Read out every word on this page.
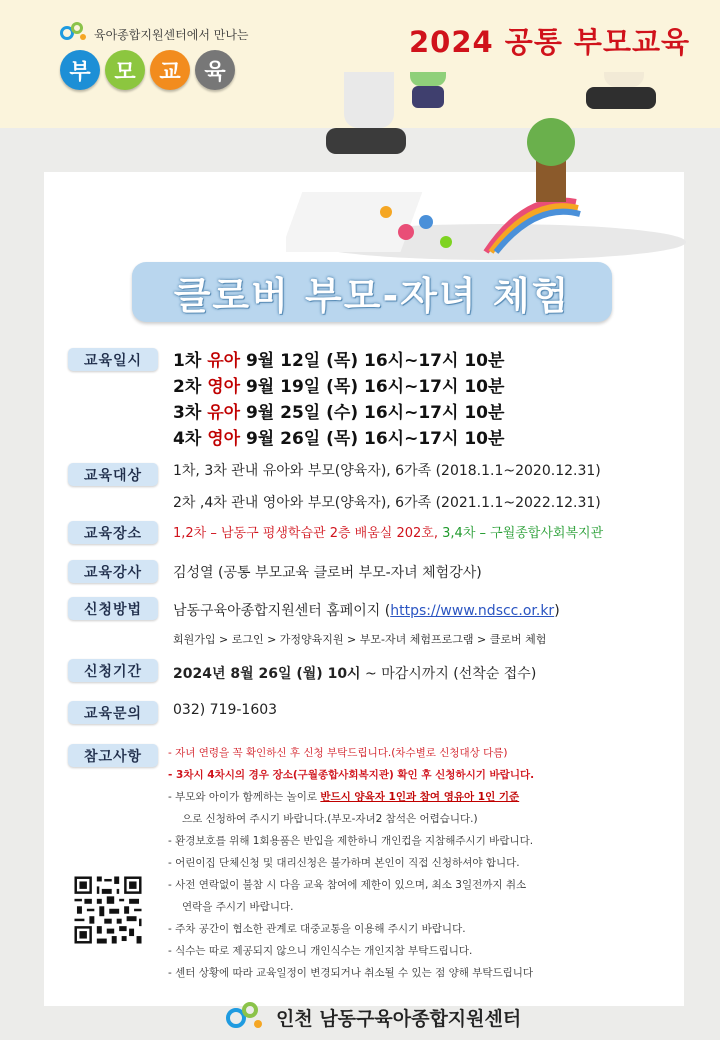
육아종합지원센터에서 만나는
부	모	교	육
2024 공통 부모교육
클로버 부모-자녀 체험
교육일시	1차 유아 9월 12일 (목) 16시~17시 10분
2차 영아 9월 19일 (목) 16시~17시 10분
3차 유아 9월 25일 (수) 16시~17시 10분
4차 영아 9월 26일 (목) 16시~17시 10분
교육대상	1차, 3차 관내 유아와 부모(양육자), 6가족 (2018.1.1~2020.12.31)
2차 ,4차 관내 영아와 부모(양육자), 6가족 (2021.1.1~2022.12.31)
교육장소	1,2차 – 남동구 평생학습관 2층 배움실 202호, 3,4차 – 구월종합사회복지관
교육강사	김성열 (공통 부모교육 클로버 부모-자녀 체험강사)
신청방법	남동구육아종합지원센터 홈페이지 (https://www.ndscc.or.kr)
회원가입 > 로그인 > 가정양육지원 > 부모-자녀 체험프로그램 > 클로버 체험
신청기간	2024년 8월 26일 (월) 10시 ~ 마감시까지 (선착순 접수)
교육문의	032) 719-1603
참고사항	- 자녀 연령을 꼭 확인하신 후 신청 부탁드립니다.(차수별로 신청대상 다름)
- 3차시 4차시의 경우 장소(구월종합사회복지관) 확인 후 신청하시기 바랍니다.
- 부모와 아이가 함께하는 놀이로 반드시 양육자 1인과 참여 영유아 1인 기준
으로 신청하여 주시기 바랍니다.(부모-자녀2 참석은 어렵습니다.)
- 환경보호를 위해 1회용품은 반입을 제한하니 개인컵을 지참해주시기 바랍니다.
- 어린이집 단체신청 및 대리신청은 불가하며 본인이 직접 신청하셔야 합니다.
- 사전 연락없이 불참 시 다음 교육 참여에 제한이 있으며, 최소 3일전까지 취소
연락을 주시기 바랍니다.
- 주차 공간이 협소한 관계로 대중교통을 이용해 주시기 바랍니다.
- 식수는 따로 제공되지 않으니 개인식수는 개인지참 부탁드립니다.
- 센터 상황에 따라 교육일정이 변경되거나 취소될 수 있는 점 양해 부탁드립니다
인천 남동구육아종합지원센터
